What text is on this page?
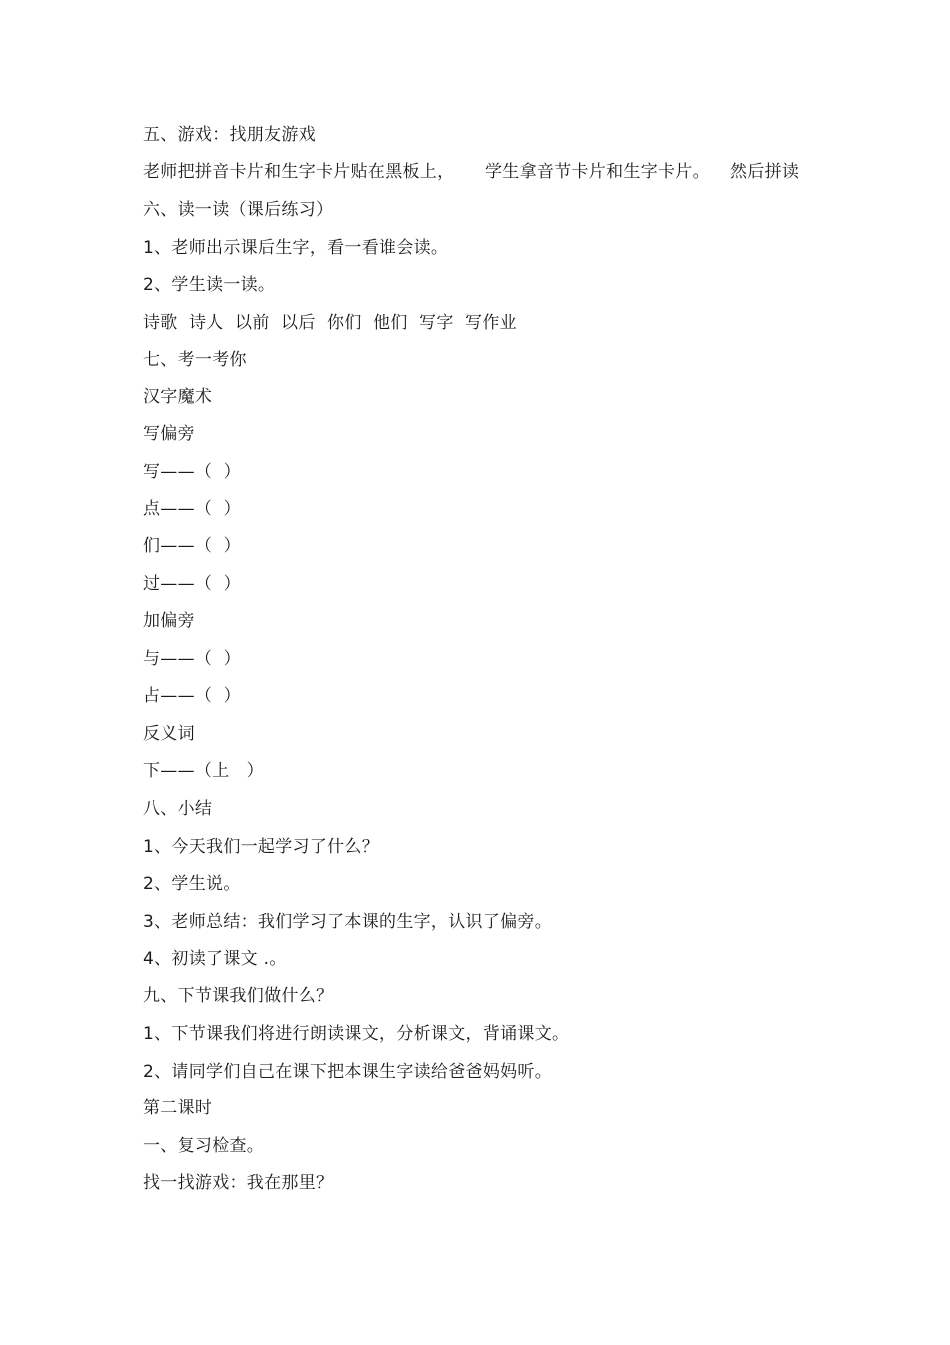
五、游戏：找朋友游戏

老师把拼音卡片和生字卡片贴在黑板上，

学生拿音节卡片和生字卡片。

然后拼读

六、读一读（课后练习）
1、老师出示课后生字，看一看谁会读。
2、学生读一读。
诗歌  诗人  以前  以后  你们  他们  写字  写作业
七、考一考你
汉字魔术
写偏旁
写——（  ）
点——（  ）
们——（  ）
过——（  ）
加偏旁
与——（  ）
占——（  ）
反义词
下——（上   ）
八、小结
1、今天我们一起学习了什么？
2、学生说。
3、老师总结：我们学习了本课的生字，认识了偏旁。
4、初读了课文 .。
九、下节课我们做什么？
1、下节课我们将进行朗读课文，分析课文，背诵课文。
2、请同学们自己在课下把本课生字读给爸爸妈妈听。
第二课时
一、复习检查。
找一找游戏：我在那里？
